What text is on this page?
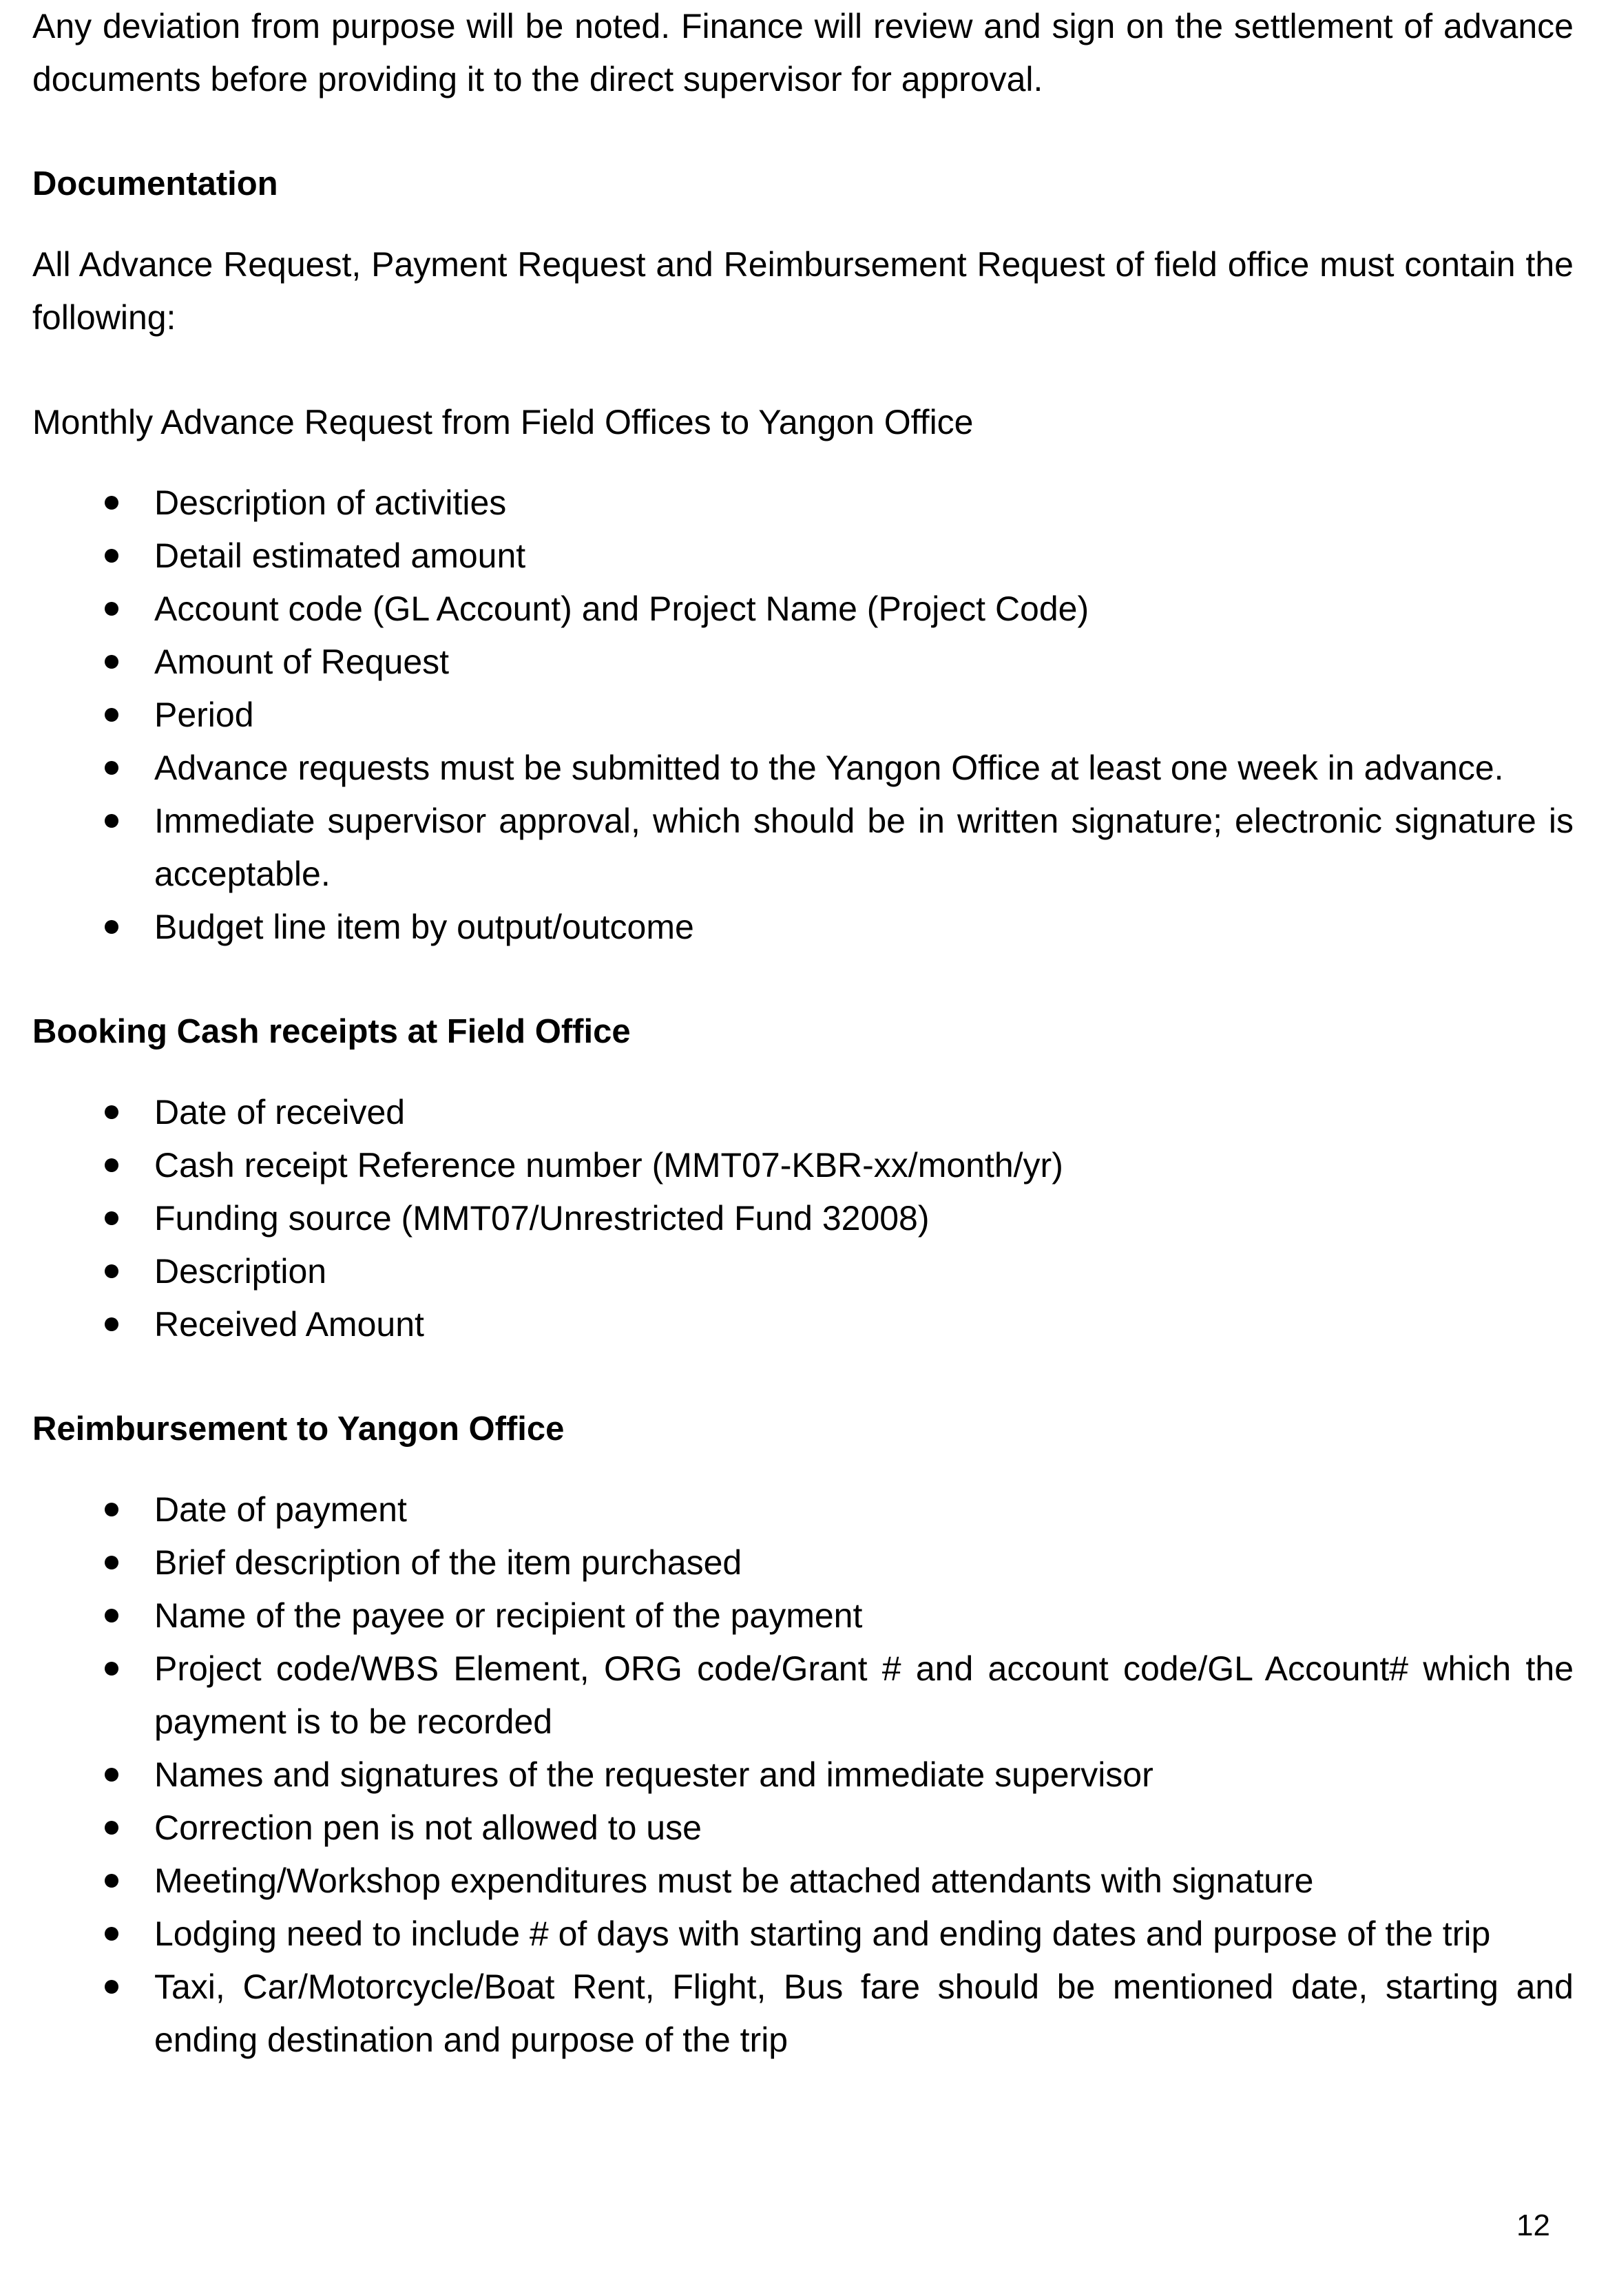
Any deviation from purpose will be noted. Finance will review and sign on the settlement of advance documents before providing it to the direct supervisor for approval.

Documentation

All Advance Request, Payment Request and Reimbursement Request of field office must contain the following:

Monthly Advance Request from Field Offices to Yangon Office

Description of activities
Detail estimated amount
Account code (GL Account) and Project Name (Project Code)
Amount of Request
Period
Advance requests must be submitted to the Yangon Office at least one week in advance.
Immediate supervisor approval, which should be in written signature; electronic signature is acceptable.
Budget line item by output/outcome
Booking Cash receipts at Field Office
Date of received
Cash receipt Reference number (MMT07-KBR-xx/month/yr)
Funding source (MMT07/Unrestricted Fund 32008)
Description
Received Amount
Reimbursement to Yangon Office
Date of payment
Brief description of the item purchased
Name of the payee or recipient of the payment
Project code/WBS Element, ORG code/Grant # and account code/GL Account# which the payment is to be recorded
Names and signatures of the requester and immediate supervisor
Correction pen is not allowed to use
Meeting/Workshop expenditures must be attached attendants with signature
Lodging need to include # of days with starting and ending dates and purpose of the trip
Taxi, Car/Motorcycle/Boat Rent, Flight, Bus fare should be mentioned date, starting and ending destination and purpose of the trip
12
